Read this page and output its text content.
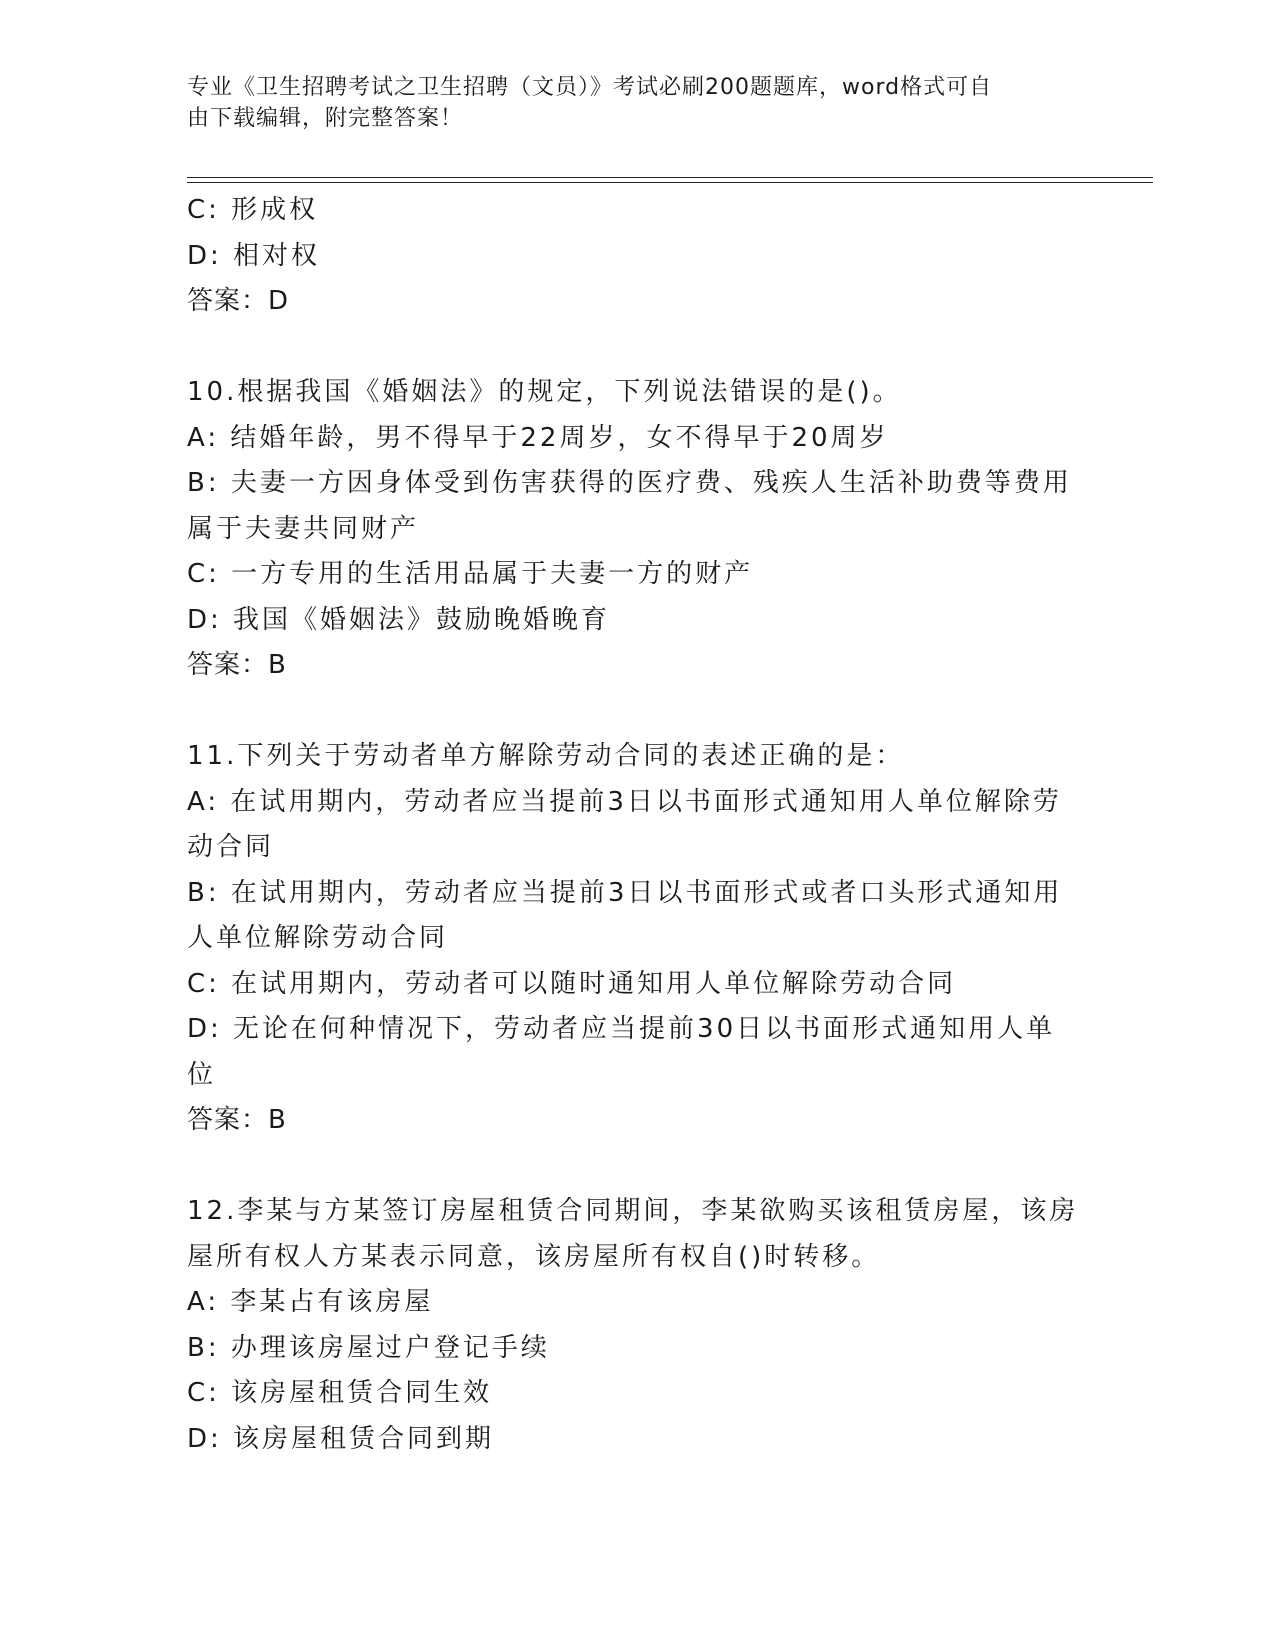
专业《卫生招聘考试之卫生招聘（文员）》考试必刷200题题库，word格式可自
由下载编辑，附完整答案！
C: 形成权
D: 相对权
答案：D
10.根据我国《婚姻法》的规定，下列说法错误的是()。
A: 结婚年龄，男不得早于22周岁，女不得早于20周岁
B: 夫妻一方因身体受到伤害获得的医疗费、残疾人生活补助费等费用
属于夫妻共同财产
C: 一方专用的生活用品属于夫妻一方的财产
D: 我国《婚姻法》鼓励晚婚晚育
答案：B
11.下列关于劳动者单方解除劳动合同的表述正确的是：
A: 在试用期内，劳动者应当提前3日以书面形式通知用人单位解除劳
动合同
B: 在试用期内，劳动者应当提前3日以书面形式或者口头形式通知用
人单位解除劳动合同
C: 在试用期内，劳动者可以随时通知用人单位解除劳动合同
D: 无论在何种情况下，劳动者应当提前30日以书面形式通知用人单
位
答案：B
12.李某与方某签订房屋租赁合同期间，李某欲购买该租赁房屋，该房
屋所有权人方某表示同意，该房屋所有权自()时转移。
A: 李某占有该房屋
B: 办理该房屋过户登记手续
C: 该房屋租赁合同生效
D: 该房屋租赁合同到期
